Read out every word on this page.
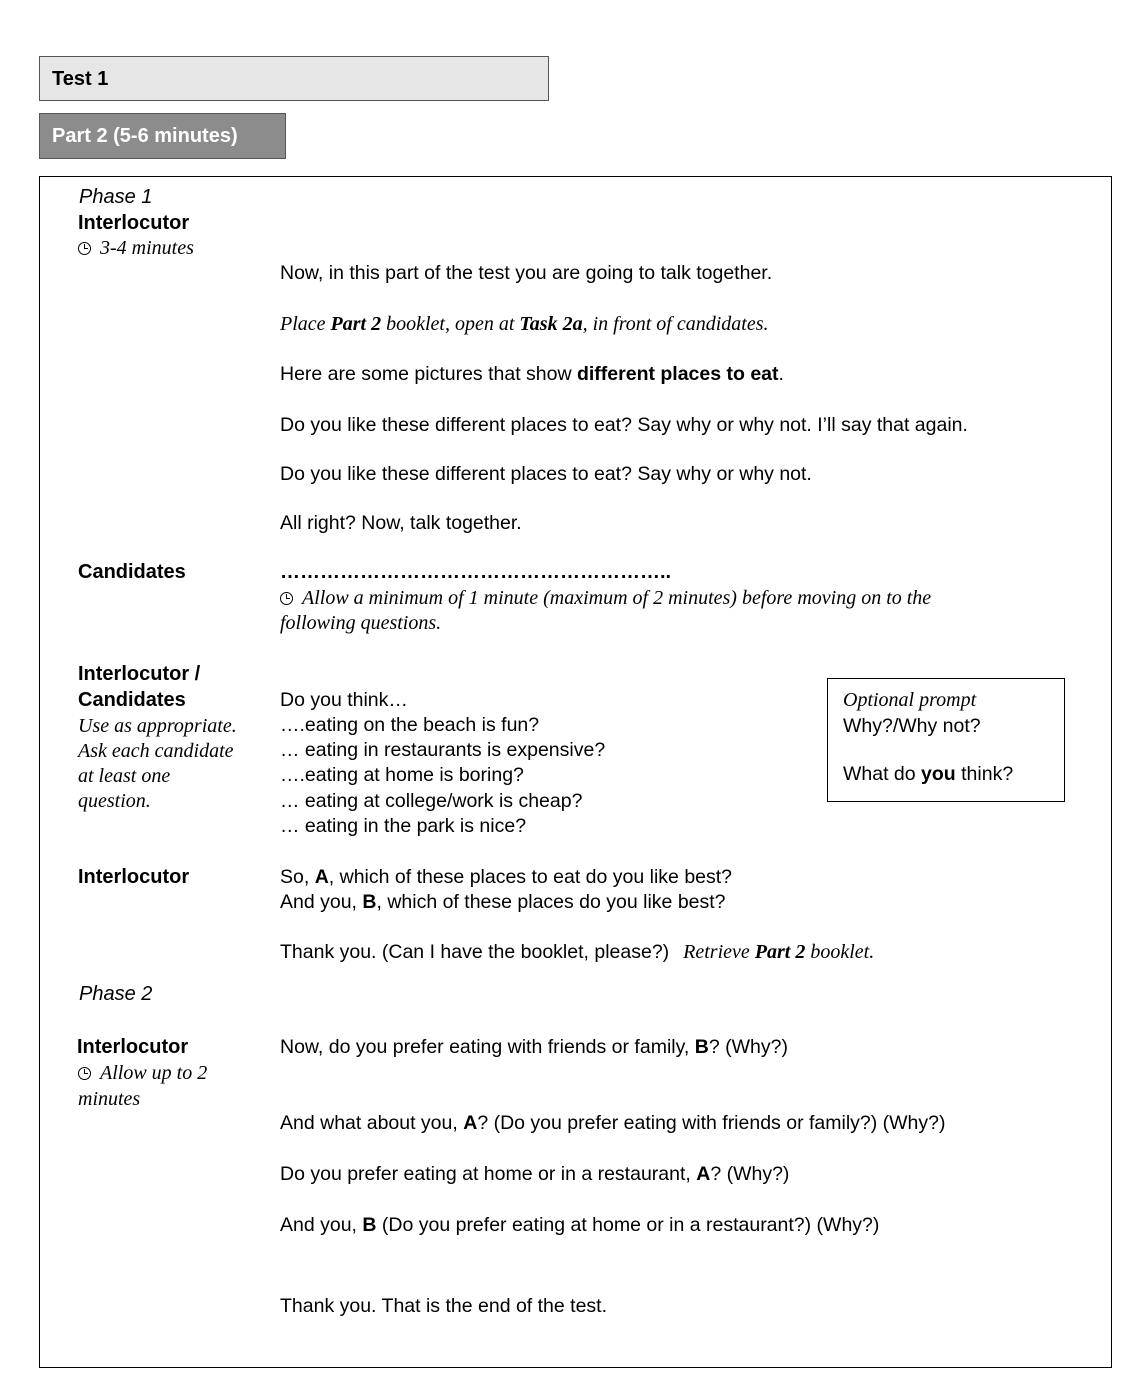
Test 1
Part 2 (5-6 minutes)
Phase 1
Interlocutor
3-4 minutes
Now, in this part of the test you are going to talk together.
Place Part 2 booklet, open at Task 2a, in front of candidates.
Here are some pictures that show different places to eat.
Do you like these different places to eat? Say why or why not. I’ll say that again.
Do you like these different places to eat? Say why or why not.
All right? Now, talk together.
Candidates	…………………………………………………..
Allow a minimum of 1 minute (maximum of 2 minutes) before moving on to the
following questions.
Interlocutor /
Candidates
Use as appropriate.
Ask each candidate
at least one
question.
Do you think…
….eating on the beach is fun?
… eating in restaurants is expensive?
….eating at home is boring?
… eating at college/work is cheap?
… eating in the park is nice?
Optional prompt
Why?/Why not?
What do you think?
Interlocutor	So, A, which of these places to eat do you like best?
And you, B, which of these places do you like best?
Thank you. (Can I have the booklet, please?) Retrieve Part 2 booklet.
Phase 2
Interlocutor
Allow up to 2
minutes
Now, do you prefer eating with friends or family, B? (Why?)
And what about you, A? (Do you prefer eating with friends or family?) (Why?)
Do you prefer eating at home or in a restaurant, A? (Why?)
And you, B (Do you prefer eating at home or in a restaurant?) (Why?)
Thank you. That is the end of the test.
